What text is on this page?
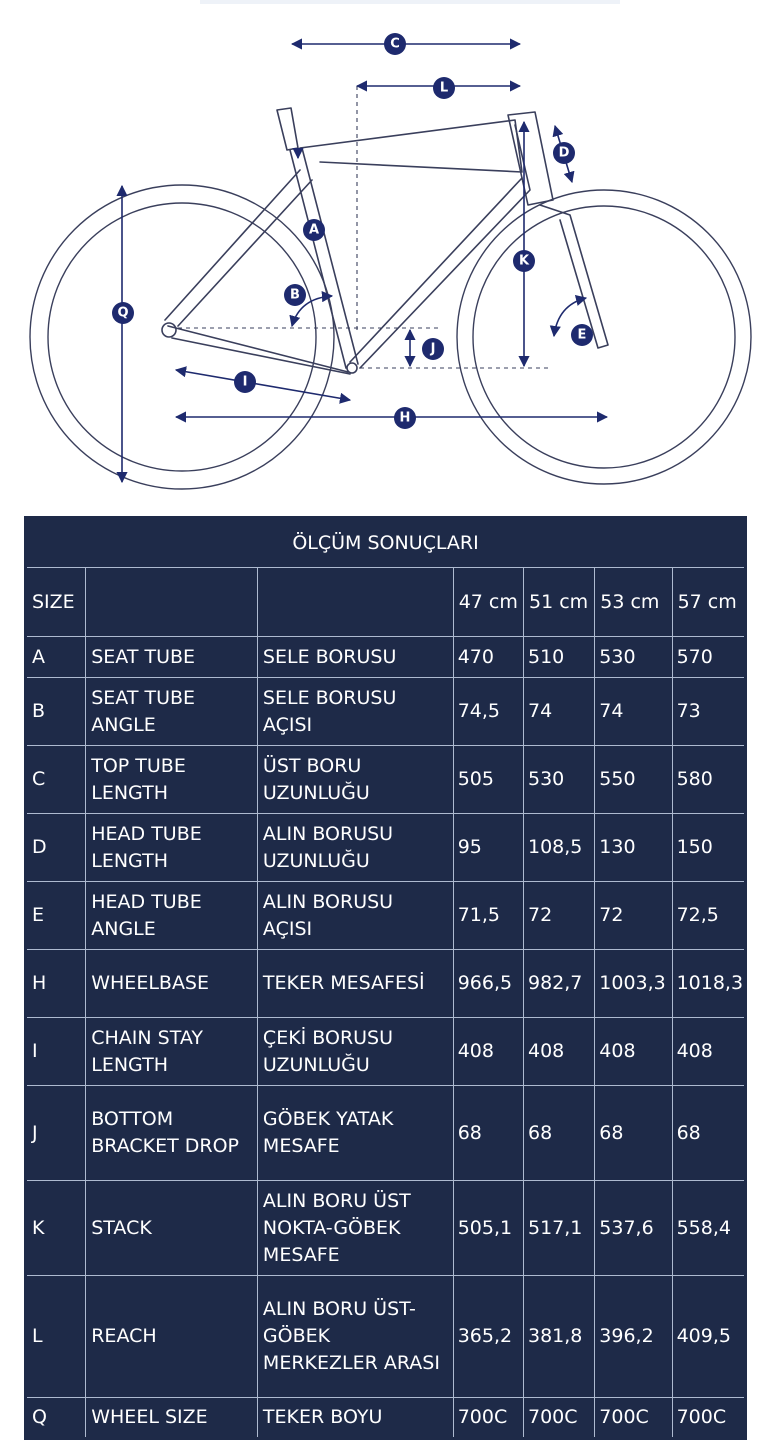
A
B
C
D
E
H
I
J
K
L
Q
ÖLÇÜM SONUÇLARI						
SIZE			47 cm	51 cm	53 cm	57 cm
A	SEAT TUBE	SELE BORUSU	470	510	530	570
B	SEAT TUBE ANGLE	SELE BORUSU AÇISI	74,5	74	74	73
C	TOP TUBE LENGTH	ÜST BORU UZUNLUĞU	505	530	550	580
D	HEAD TUBE LENGTH	ALIN BORUSU UZUNLUĞU	95	108,5	130	150
E	HEAD TUBE ANGLE	ALIN BORUSU AÇISI	71,5	72	72	72,5
H	WHEELBASE	TEKER MESAFESİ	966,5	982,7	1003,3	1018,3
I	CHAIN STAY LENGTH	ÇEKİ BORUSU UZUNLUĞU	408	408	408	408
J	BOTTOM BRACKET DROP	GÖBEK YATAK MESAFE	68	68	68	68
K	STACK	ALIN BORU ÜST NOKTA-GÖBEK MESAFE	505,1	517,1	537,6	558,4
L	REACH	ALIN BORU ÜST-GÖBEK MERKEZLER ARASI	365,2	381,8	396,2	409,5
Q	WHEEL SIZE	TEKER BOYU	700C	700C	700C	700C
